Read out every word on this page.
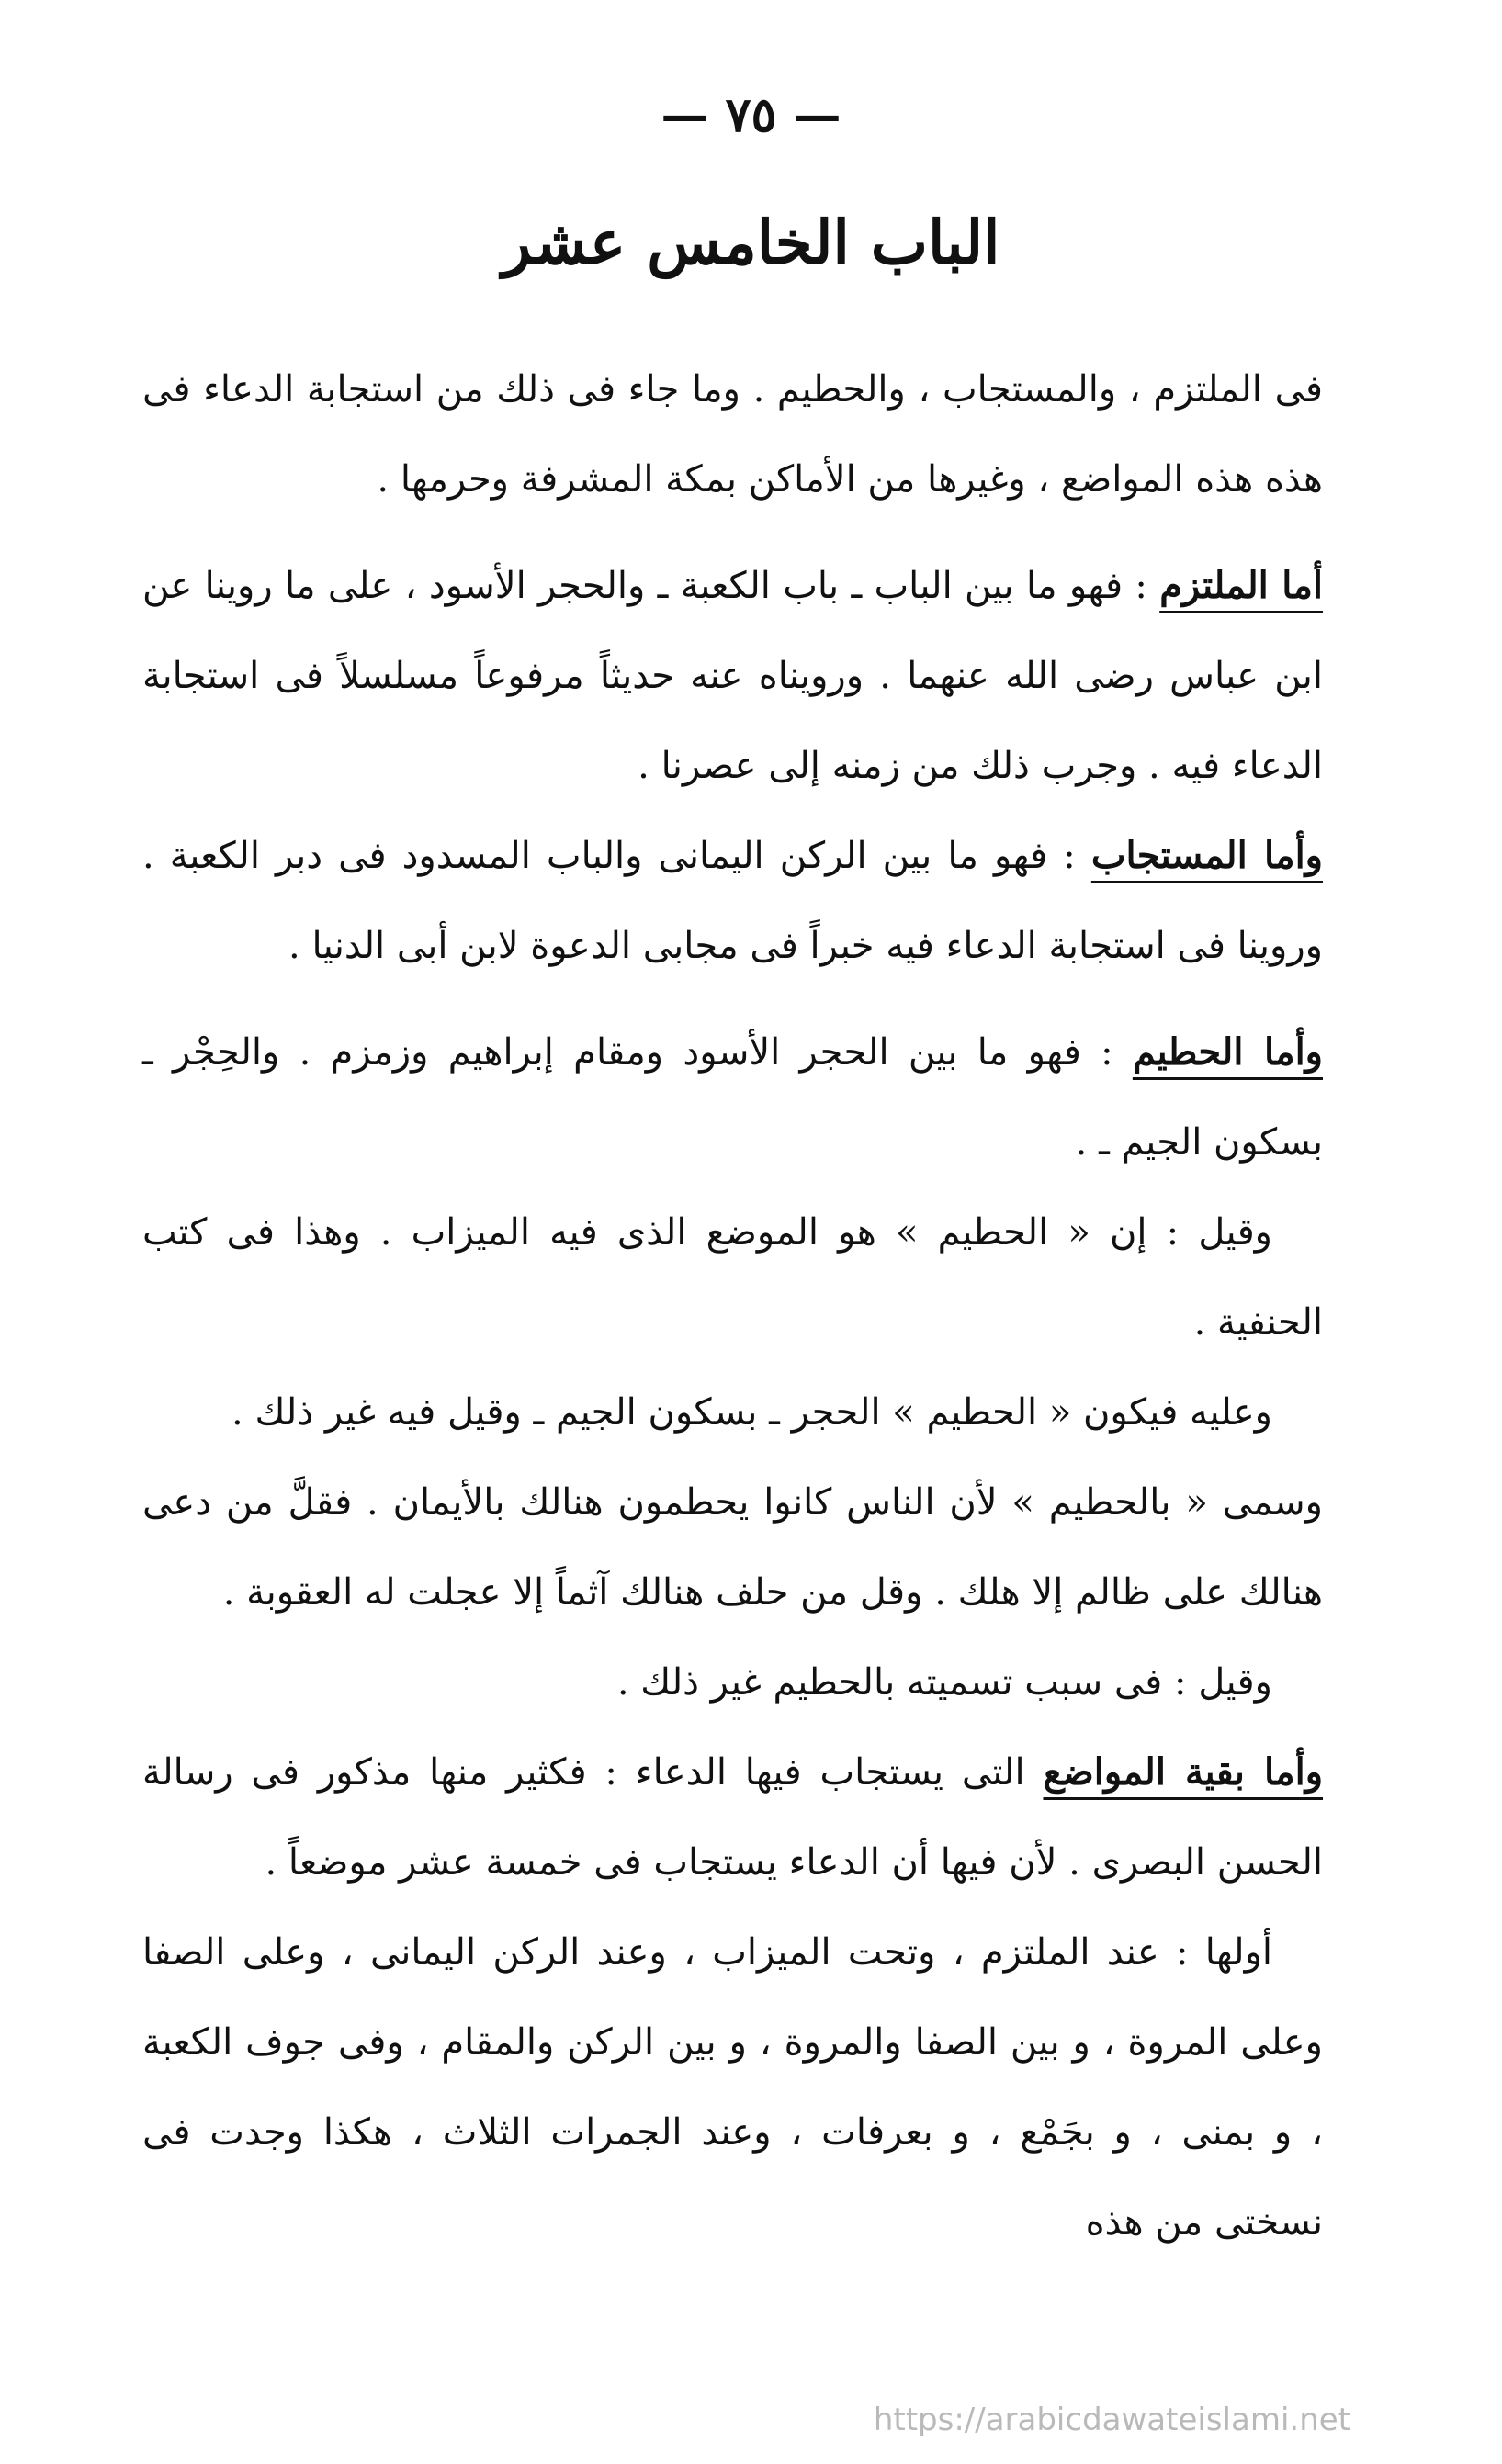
— ٧٥ —
الباب الخامس عشر

فى الملتزم ، والمستجاب ، والحطيم . وما جاء فى ذلك من استجابة الدعاء فى هذه هذه المواضع ، وغيرها من الأماكن بمكة المشرفة وحرمها .

أما الملتزم : فهو ما بين الباب ـ باب الكعبة ـ والحجر الأسود ، على ما روينا عن ابن عباس رضى الله عنهما . ورويناه عنه حديثاً مرفوعاً مسلسلاً فى استجابة الدعاء فيه . وجرب ذلك من زمنه إلى عصرنا .

وأما المستجاب : فهو ما بين الركن اليمانى والباب المسدود فى دبر الكعبة . وروينا فى استجابة الدعاء فيه خبراً فى مجابى الدعوة لابن أبى الدنيا .

وأما الحطيم : فهو ما بين الحجر الأسود ومقام إبراهيم وزمزم . والحِجْر ـ بسكون الجيم ـ .

وقيل : إن « الحطيم » هو الموضع الذى فيه الميزاب . وهذا فى كتب الحنفية .

وعليه فيكون « الحطيم » الحجر ـ بسكون الجيم ـ وقيل فيه غير ذلك .

وسمى « بالحطيم » لأن الناس كانوا يحطمون هنالك بالأيمان . فقلَّ من دعى هنالك على ظالم إلا هلك . وقل من حلف هنالك آثماً إلا عجلت له العقوبة .

وقيل : فى سبب تسميته بالحطيم غير ذلك .

وأما بقية المواضع التى يستجاب فيها الدعاء : فكثير منها مذكور فى رسالة الحسن البصرى . لأن فيها أن الدعاء يستجاب فى خمسة عشر موضعاً .

أولها : عند الملتزم ، وتحت الميزاب ، وعند الركن اليمانى ، وعلى الصفا وعلى المروة ، و بين الصفا والمروة ، و بين الركن والمقام ، وفى جوف الكعبة ، و بمنى ، و بجَمْع ، و بعرفات ، وعند الجمرات الثلاث ، هكذا وجدت فى نسختى من هذه

https://arabicdawateislami.net
